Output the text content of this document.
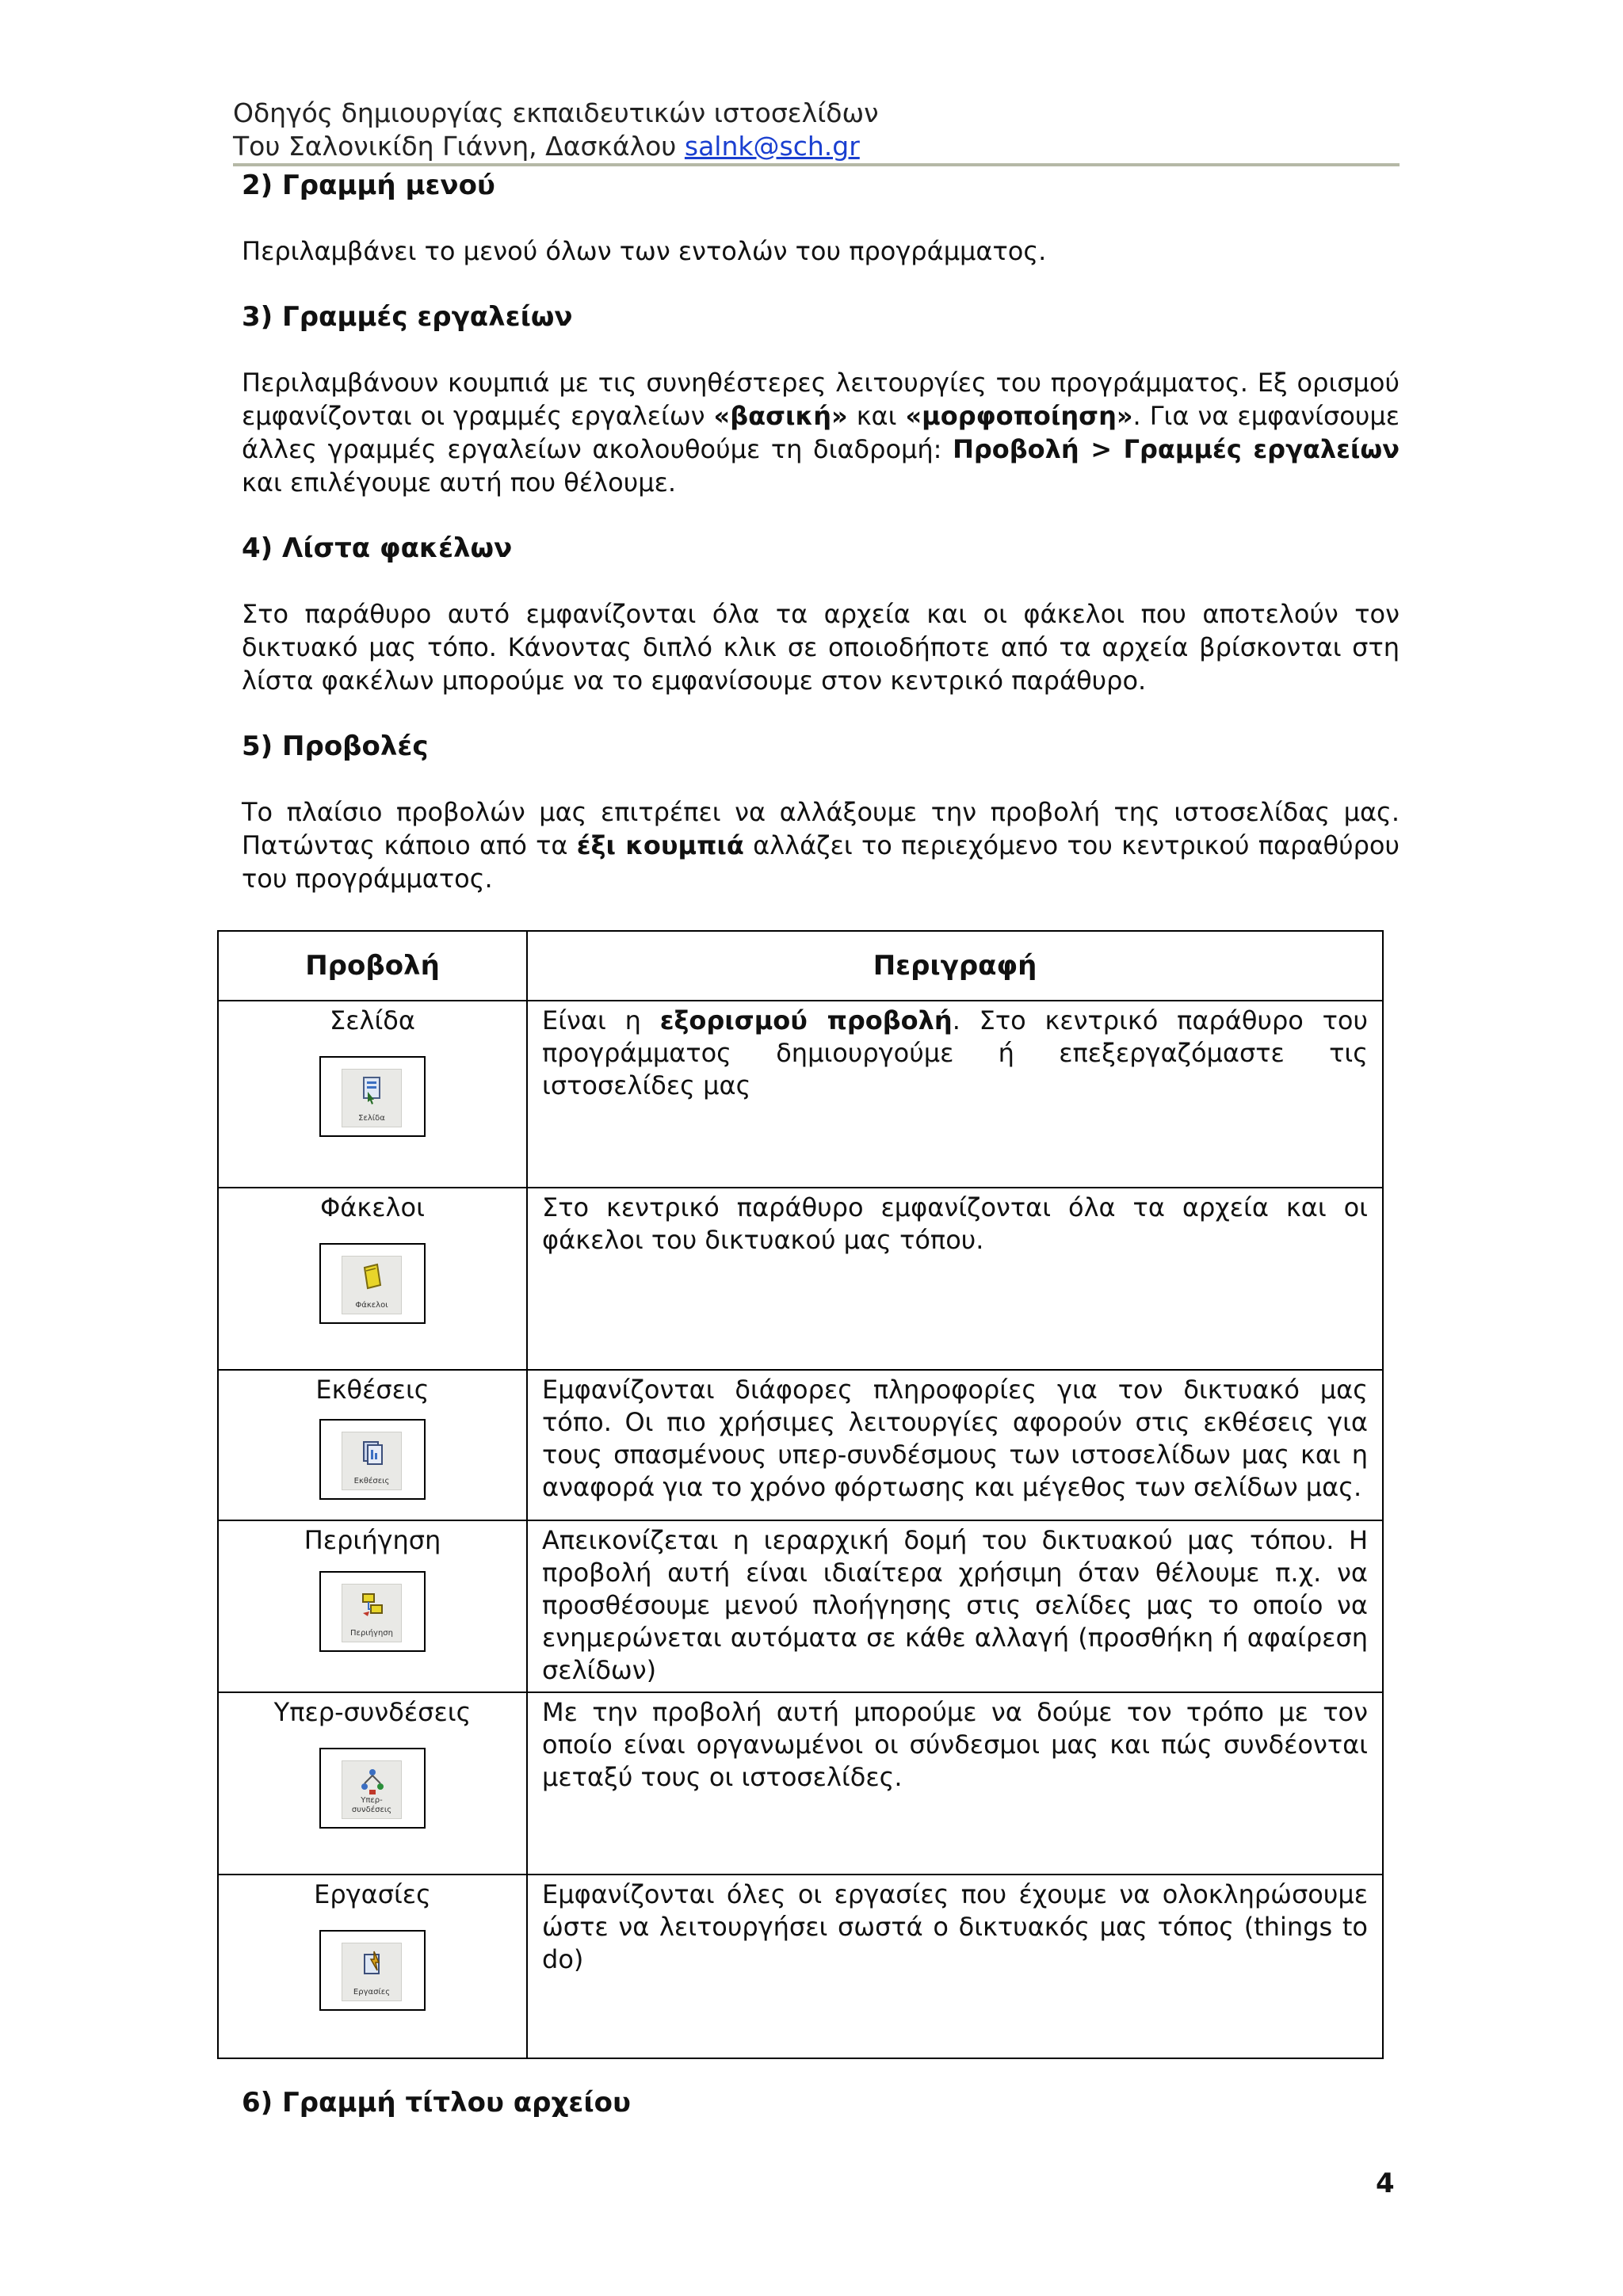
Οδηγός δημιουργίας εκπαιδευτικών ιστοσελίδων
Του Σαλονικίδη Γιάννη, Δασκάλου salnk@sch.gr
2) Γραμμή μενού

Περιλαμβάνει το μενού όλων των εντολών του προγράμματος.

3) Γραμμές εργαλείων

Περιλαμβάνουν κουμπιά με τις συνηθέστερες λειτουργίες του προγράμματος. Εξ ορισμού εμφανίζονται οι γραμμές εργαλείων «βασική» και «μορφοποίηση». Για να εμφανίσουμε άλλες γραμμές εργαλείων ακολουθούμε τη διαδρομή: Προβολή > Γραμμές εργαλείων και επιλέγουμε αυτή που θέλουμε.

4) Λίστα φακέλων

Στο παράθυρο αυτό εμφανίζονται όλα τα αρχεία και οι φάκελοι που αποτελούν τον δικτυακό μας τόπο. Κάνοντας διπλό κλικ σε οποιοδήποτε από τα αρχεία βρίσκονται στη λίστα φακέλων μπορούμε να το εμφανίσουμε στον κεντρικό παράθυρο.

5) Προβολές

Το πλαίσιο προβολών μας επιτρέπει να αλλάξουμε την προβολή της ιστοσελίδας μας. Πατώντας κάποιο από τα έξι κουμπιά αλλάζει το περιεχόμενο του κεντρικού παραθύρου του προγράμματος.

Προβολή	Περιγραφή

Σελίδα
Σελίδα	Είναι η εξορισμού προβολή. Στο κεντρικό παράθυρο του προγράμματος δημιουργούμε ή επεξεργαζόμαστε τις ιστοσελίδες μας

Φάκελοι
Φάκελοι	Στο κεντρικό παράθυρο εμφανίζονται όλα τα αρχεία και οι φάκελοι του δικτυακού μας τόπου.

Εκθέσεις
Εκθέσεις	Εμφανίζονται διάφορες πληροφορίες για τον δικτυακό μας τόπο. Οι πιο χρήσιμες λειτουργίες αφορούν στις εκθέσεις για τους σπασμένους υπερ-συνδέσμους των ιστοσελίδων μας και η αναφορά για το χρόνο φόρτωσης και μέγεθος των σελίδων μας.

Περιήγηση
Περιήγηση	Απεικονίζεται η ιεραρχική δομή του δικτυακού μας τόπου. Η προβολή αυτή είναι ιδιαίτερα χρήσιμη όταν θέλουμε π.χ. να προσθέσουμε μενού πλοήγησης στις σελίδες μας το οποίο να ενημερώνεται αυτόματα σε κάθε αλλαγή (προσθήκη ή αφαίρεση σελίδων)

Υπερ-συνδέσεις
Υπερ-συνδέσεις	Με την προβολή αυτή μπορούμε να δούμε τον τρόπο με τον οποίο είναι οργανωμένοι οι σύνδεσμοι μας και πώς συνδέονται μεταξύ τους οι ιστοσελίδες.

Εργασίες
Εργασίες	Εμφανίζονται όλες οι εργασίες που έχουμε να ολοκληρώσουμε ώστε να λειτουργήσει σωστά ο δικτυακός μας τόπος (things to do)
6) Γραμμή τίτλου αρχείου
4
